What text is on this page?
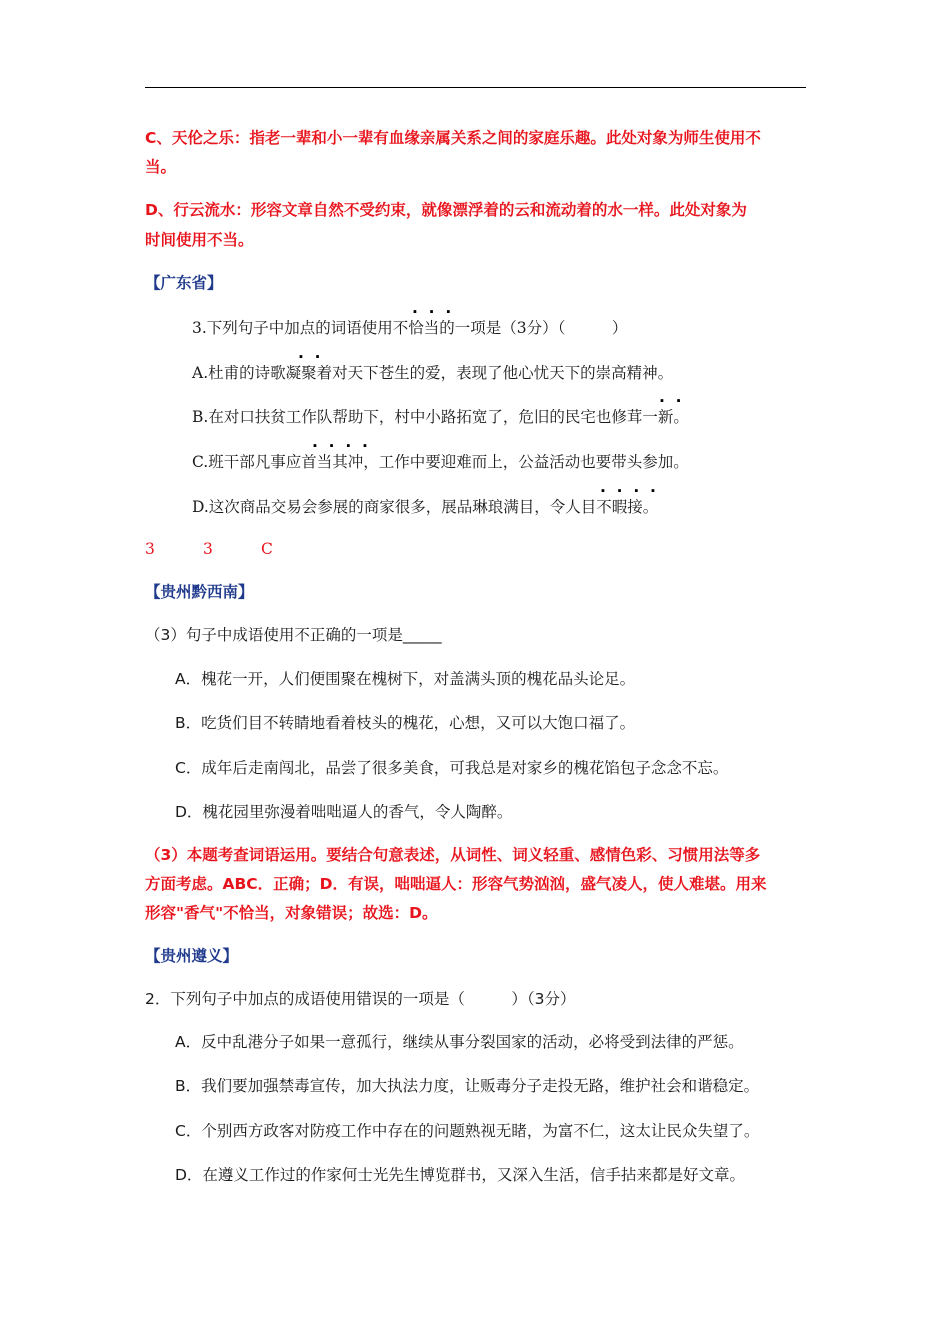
C、天伦之乐：指老一辈和小一辈有血缘亲属关系之间的家庭乐趣。此处对象为师生使用不
当。
D、行云流水：形容文章自然不受约束，就像漂浮着的云和流动着的水一样。此处对象为
时间使用不当。
【广东省】
3.下列句子中加点的词语使用不恰当的一项是（3分）（　　　）
·  ·  ·
A.杜甫的诗歌凝聚着对天下苍生的爱，表现了他心忧天下的崇高精神。
·  ·
B.在对口扶贫工作队帮助下，村中小路拓宽了，危旧的民宅也修茸一新。
·  ·
C.班干部凡事应首当其冲，工作中要迎难而上，公益活动也要带头参加。
·  ·  ·  ·
D.这次商品交易会参展的商家很多，展品琳琅满目，令人目不暇接。
·  ·  ·  ·
3	3	C
【贵州黔西南】
（3）句子中成语使用不正确的一项是_____
A．槐花一开，人们便围聚在槐树下，对盖满头顶的槐花品头论足。
B．吃货们目不转睛地看着枝头的槐花，心想，又可以大饱口福了。
C．成年后走南闯北，品尝了很多美食，可我总是对家乡的槐花馅包子念念不忘。
D．槐花园里弥漫着咄咄逼人的香气，令人陶醉。
（3）本题考查词语运用。要结合句意表述，从词性、词义轻重、感情色彩、习惯用法等多
方面考虑。ABC．正确；D．有误，咄咄逼人：形容气势汹汹，盛气凌人，使人难堪。用来
形容"香气"不恰当，对象错误；故选：D。
【贵州遵义】
2．下列句子中加点的成语使用错误的一项是（　　　）（3分）
A．反中乱港分子如果一意孤行，继续从事分裂国家的活动，必将受到法律的严惩。
B．我们要加强禁毒宣传，加大执法力度，让贩毒分子走投无路，维护社会和谐稳定。
C．个别西方政客对防疫工作中存在的问题熟视无睹，为富不仁，这太让民众失望了。
D．在遵义工作过的作家何士光先生博览群书，又深入生活，信手拈来都是好文章。
